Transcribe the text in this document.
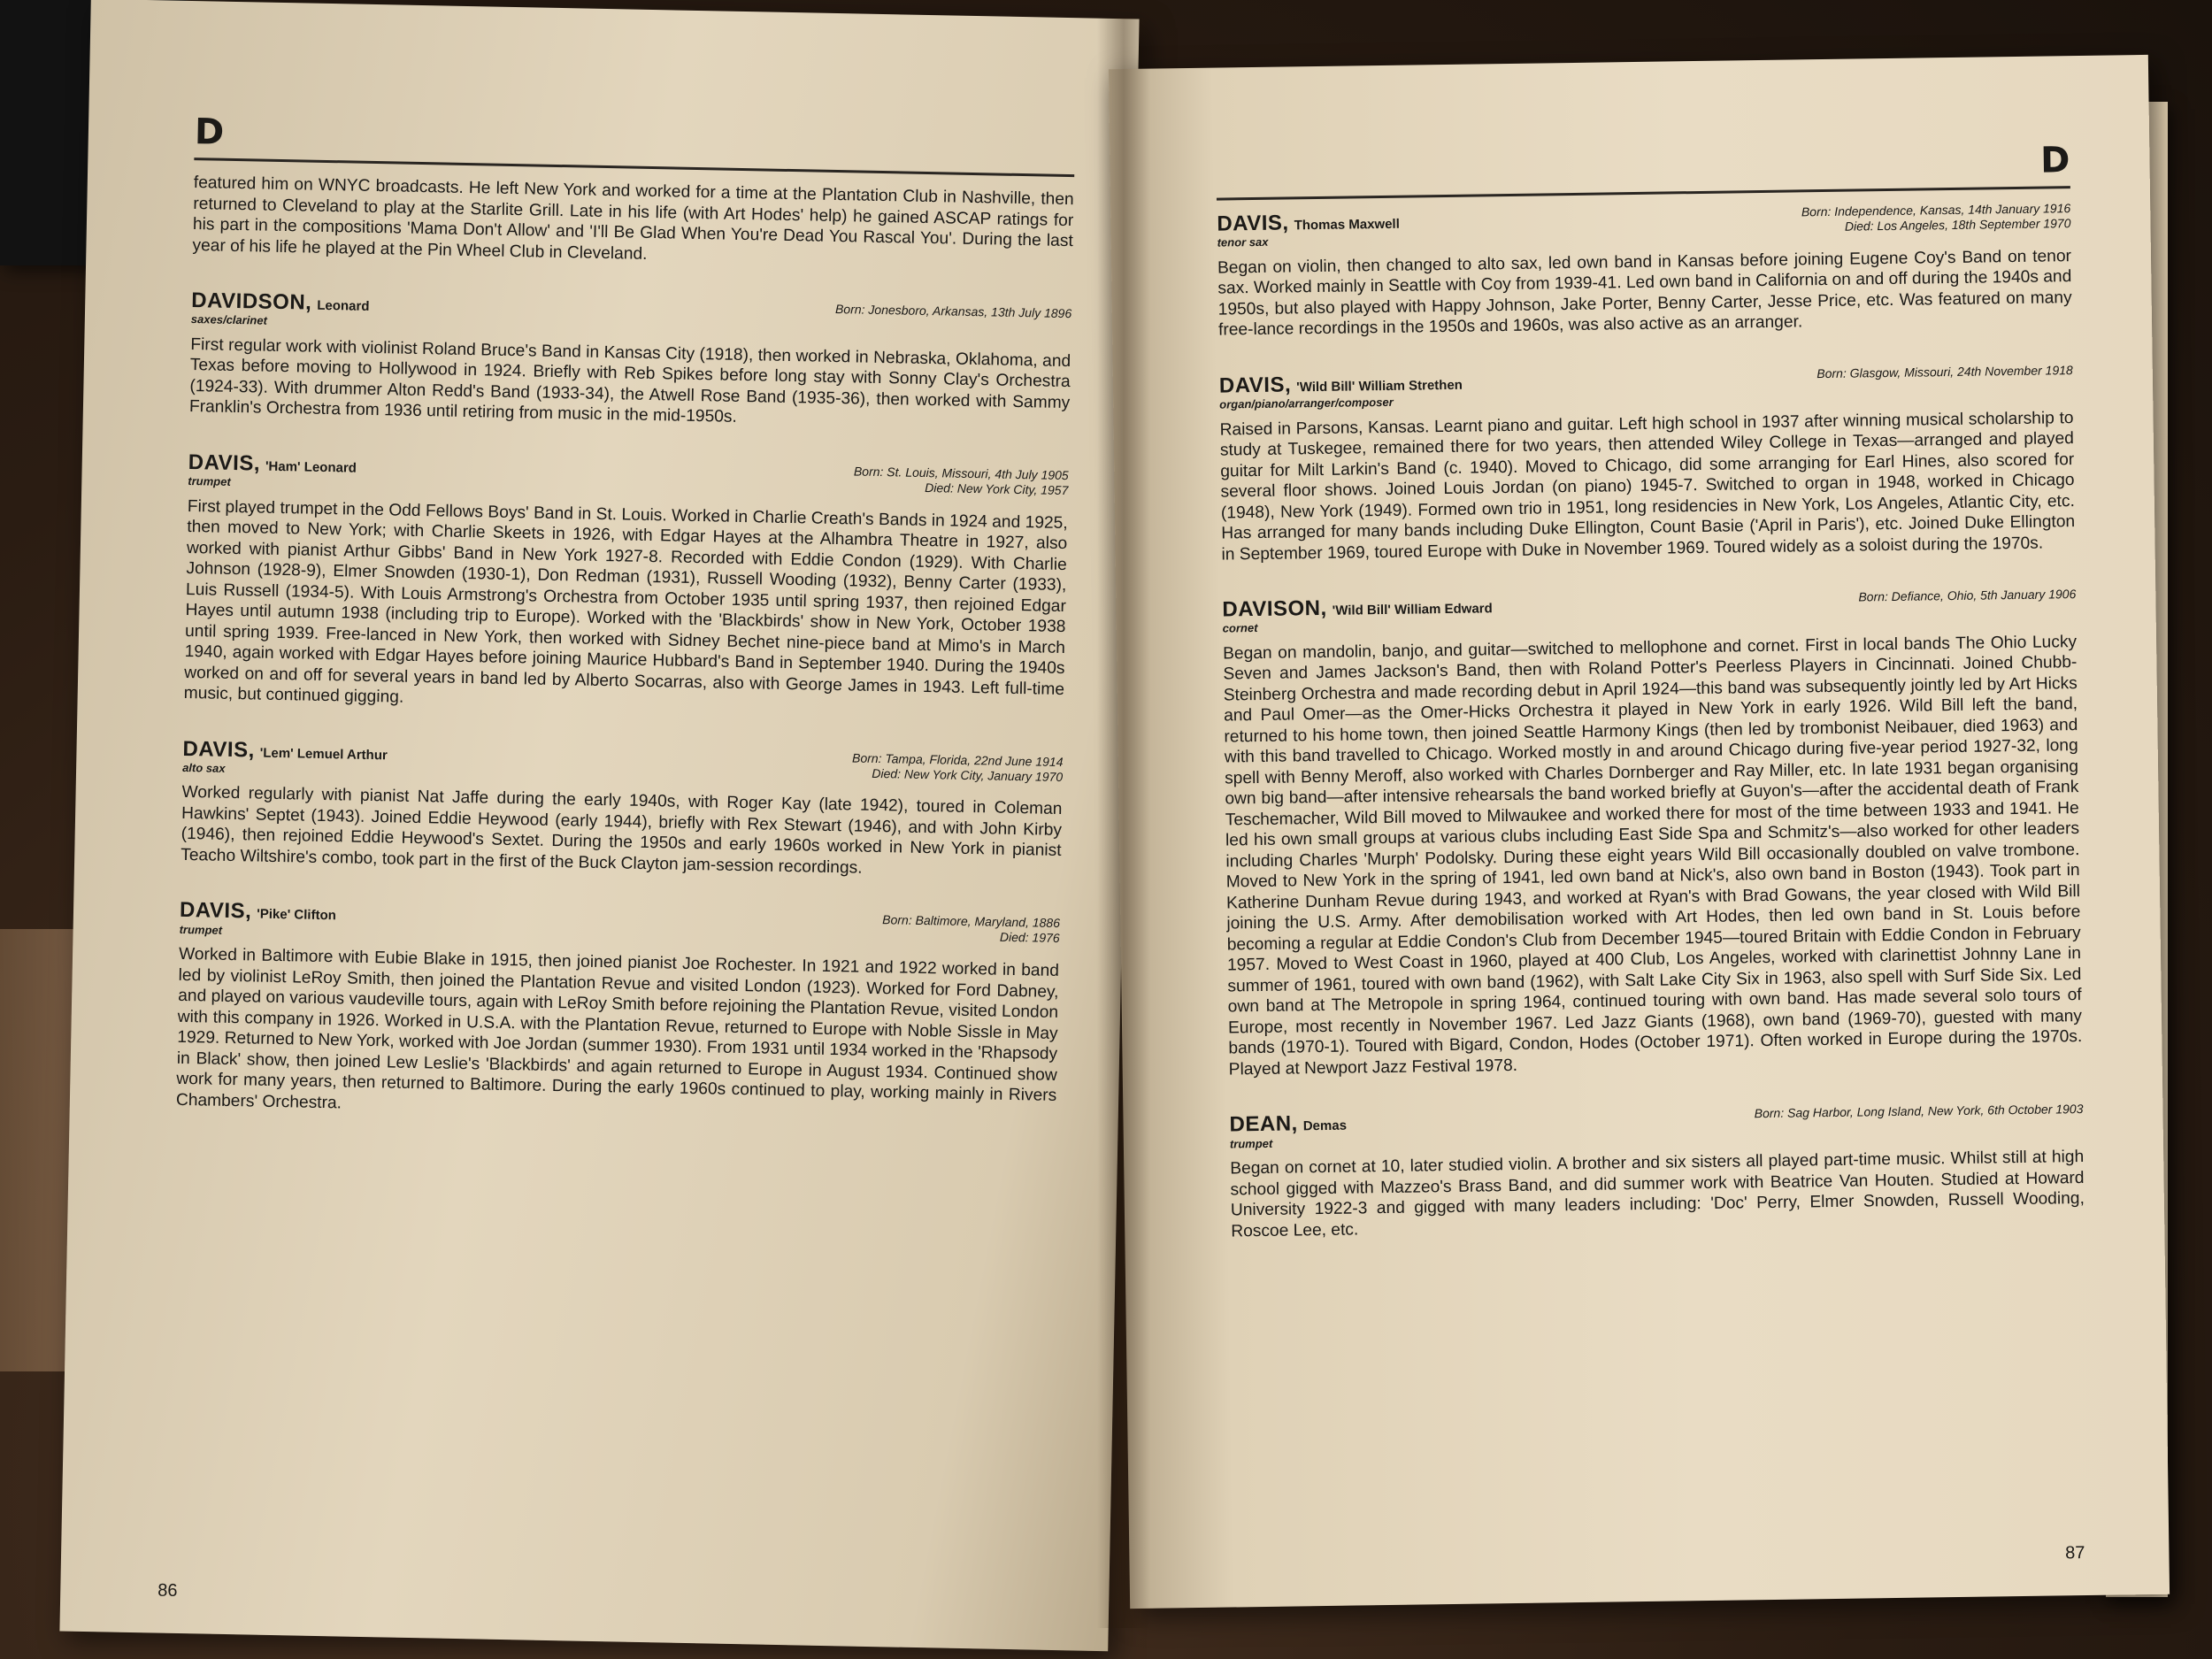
D

featured him on WNYC broadcasts. He left New York and worked for a time at the Plantation Club in Nashville, then returned to Cleveland to play at the Starlite Grill. Late in his life (with Art Hodes' help) he gained ASCAP ratings for his part in the compositions 'Mama Don't Allow' and 'I'll Be Glad When You're Dead You Rascal You'. During the last year of his life he played at the Pin Wheel Club in Cleveland.

DAVIDSON, Leonard
saxes/clarinet	Born: Jonesboro, Arkansas, 13th July 1896

First regular work with violinist Roland Bruce's Band in Kansas City (1918), then worked in Nebraska, Oklahoma, and Texas before moving to Hollywood in 1924. Briefly with Reb Spikes before long stay with Sonny Clay's Orchestra (1924-33). With drummer Alton Redd's Band (1933-34), the Atwell Rose Band (1935-36), then worked with Sammy Franklin's Orchestra from 1936 until retiring from music in the mid-1950s.

DAVIS, 'Ham' Leonard
trumpet	Born: St. Louis, Missouri, 4th July 1905
Died: New York City, 1957

First played trumpet in the Odd Fellows Boys' Band in St. Louis. Worked in Charlie Creath's Bands in 1924 and 1925, then moved to New York; with Charlie Skeets in 1926, with Edgar Hayes at the Alhambra Theatre in 1927, also worked with pianist Arthur Gibbs' Band in New York 1927-8. Recorded with Eddie Condon (1929). With Charlie Johnson (1928-9), Elmer Snowden (1930-1), Don Redman (1931), Russell Wooding (1932), Benny Carter (1933), Luis Russell (1934-5). With Louis Armstrong's Orchestra from October 1935 until spring 1937, then rejoined Edgar Hayes until autumn 1938 (including trip to Europe). Worked with the 'Blackbirds' show in New York, October 1938 until spring 1939. Free-lanced in New York, then worked with Sidney Bechet nine-piece band at Mimo's in March 1940, again worked with Edgar Hayes before joining Maurice Hubbard's Band in September 1940. During the 1940s worked on and off for several years in band led by Alberto Socarras, also with George James in 1943. Left full-time music, but continued gigging.

DAVIS, 'Lem' Lemuel Arthur
alto sax	Born: Tampa, Florida, 22nd June 1914
Died: New York City, January 1970

Worked regularly with pianist Nat Jaffe during the early 1940s, with Roger Kay (late 1942), toured in Coleman Hawkins' Septet (1943). Joined Eddie Heywood (early 1944), briefly with Rex Stewart (1946), and with John Kirby (1946), then rejoined Eddie Heywood's Sextet. During the 1950s and early 1960s worked in New York in pianist Teacho Wiltshire's combo, took part in the first of the Buck Clayton jam-session recordings.

DAVIS, 'Pike' Clifton
trumpet	Born: Baltimore, Maryland, 1886
Died: 1976

Worked in Baltimore with Eubie Blake in 1915, then joined pianist Joe Rochester. In 1921 and 1922 worked in band led by violinist LeRoy Smith, then joined the Plantation Revue and visited London (1923). Worked for Ford Dabney, and played on various vaudeville tours, again with LeRoy Smith before rejoining the Plantation Revue, visited London with this company in 1926. Worked in U.S.A. with the Plantation Revue, returned to Europe with Noble Sissle in May 1929. Returned to New York, worked with Joe Jordan (summer 1930). From 1931 until 1934 worked in the 'Rhapsody in Black' show, then joined Lew Leslie's 'Blackbirds' and again returned to Europe in August 1934. Continued show work for many years, then returned to Baltimore. During the early 1960s continued to play, working mainly in Rivers Chambers' Orchestra.

86
D
DAVIS, Thomas Maxwell
tenor sax
Born: Independence, Kansas, 14th January 1916
Died: Los Angeles, 18th September 1970

Began on violin, then changed to alto sax, led own band in Kansas before joining Eugene Coy's Band on tenor sax. Worked mainly in Seattle with Coy from 1939-41. Led own band in California on and off during the 1940s and 1950s, but also played with Happy Johnson, Jake Porter, Benny Carter, Jesse Price, etc. Was featured on many free-lance recordings in the 1950s and 1960s, was also active as an arranger.

DAVIS, 'Wild Bill' William Strethen
organ/piano/arranger/composer
Born: Glasgow, Missouri, 24th November 1918

Raised in Parsons, Kansas. Learnt piano and guitar. Left high school in 1937 after winning musical scholarship to study at Tuskegee, remained there for two years, then attended Wiley College in Texas—arranged and played guitar for Milt Larkin's Band (c. 1940). Moved to Chicago, did some arranging for Earl Hines, also scored for several floor shows. Joined Louis Jordan (on piano) 1945-7. Switched to organ in 1948, worked in Chicago (1948), New York (1949). Formed own trio in 1951, long residencies in New York, Los Angeles, Atlantic City, etc. Has arranged for many bands including Duke Ellington, Count Basie ('April in Paris'), etc. Joined Duke Ellington in September 1969, toured Europe with Duke in November 1969. Toured widely as a soloist during the 1970s.

DAVISON, 'Wild Bill' William Edward
cornet
Born: Defiance, Ohio, 5th January 1906

Began on mandolin, banjo, and guitar—switched to mellophone and cornet. First in local bands The Ohio Lucky Seven and James Jackson's Band, then with Roland Potter's Peerless Players in Cincinnati. Joined Chubb-Steinberg Orchestra and made recording debut in April 1924—this band was subsequently jointly led by Art Hicks and Paul Omer—as the Omer-Hicks Orchestra it played in New York in early 1926. Wild Bill left the band, returned to his home town, then joined Seattle Harmony Kings (then led by trombonist Neibauer, died 1963) and with this band travelled to Chicago. Worked mostly in and around Chicago during five-year period 1927-32, long spell with Benny Meroff, also worked with Charles Dornberger and Ray Miller, etc. In late 1931 began organising own big band—after intensive rehearsals the band worked briefly at Guyon's—after the accidental death of Frank Teschemacher, Wild Bill moved to Milwaukee and worked there for most of the time between 1933 and 1941. He led his own small groups at various clubs including East Side Spa and Schmitz's—also worked for other leaders including Charles 'Murph' Podolsky. During these eight years Wild Bill occasionally doubled on valve trombone. Moved to New York in the spring of 1941, led own band at Nick's, also own band in Boston (1943). Took part in Katherine Dunham Revue during 1943, and worked at Ryan's with Brad Gowans, the year closed with Wild Bill joining the U.S. Army. After demobilisation worked with Art Hodes, then led own band in St. Louis before becoming a regular at Eddie Condon's Club from December 1945—toured Britain with Eddie Condon in February 1957. Moved to West Coast in 1960, played at 400 Club, Los Angeles, worked with clarinettist Johnny Lane in summer of 1961, toured with own band (1962), with Salt Lake City Six in 1963, also spell with Surf Side Six. Led own band at The Metropole in spring 1964, continued touring with own band. Has made several solo tours of Europe, most recently in November 1967. Led Jazz Giants (1968), own band (1969-70), guested with many bands (1970-1). Toured with Bigard, Condon, Hodes (October 1971). Often worked in Europe during the 1970s. Played at Newport Jazz Festival 1978.

DEAN, Demas
trumpet
Born: Sag Harbor, Long Island, New York, 6th October 1903

Began on cornet at 10, later studied violin. A brother and six sisters all played part-time music. Whilst still at high school gigged with Mazzeo's Brass Band, and did summer work with Beatrice Van Houten. Studied at Howard University 1922-3 and gigged with many leaders including: 'Doc' Perry, Elmer Snowden, Russell Wooding, Roscoe Lee, etc.

87
